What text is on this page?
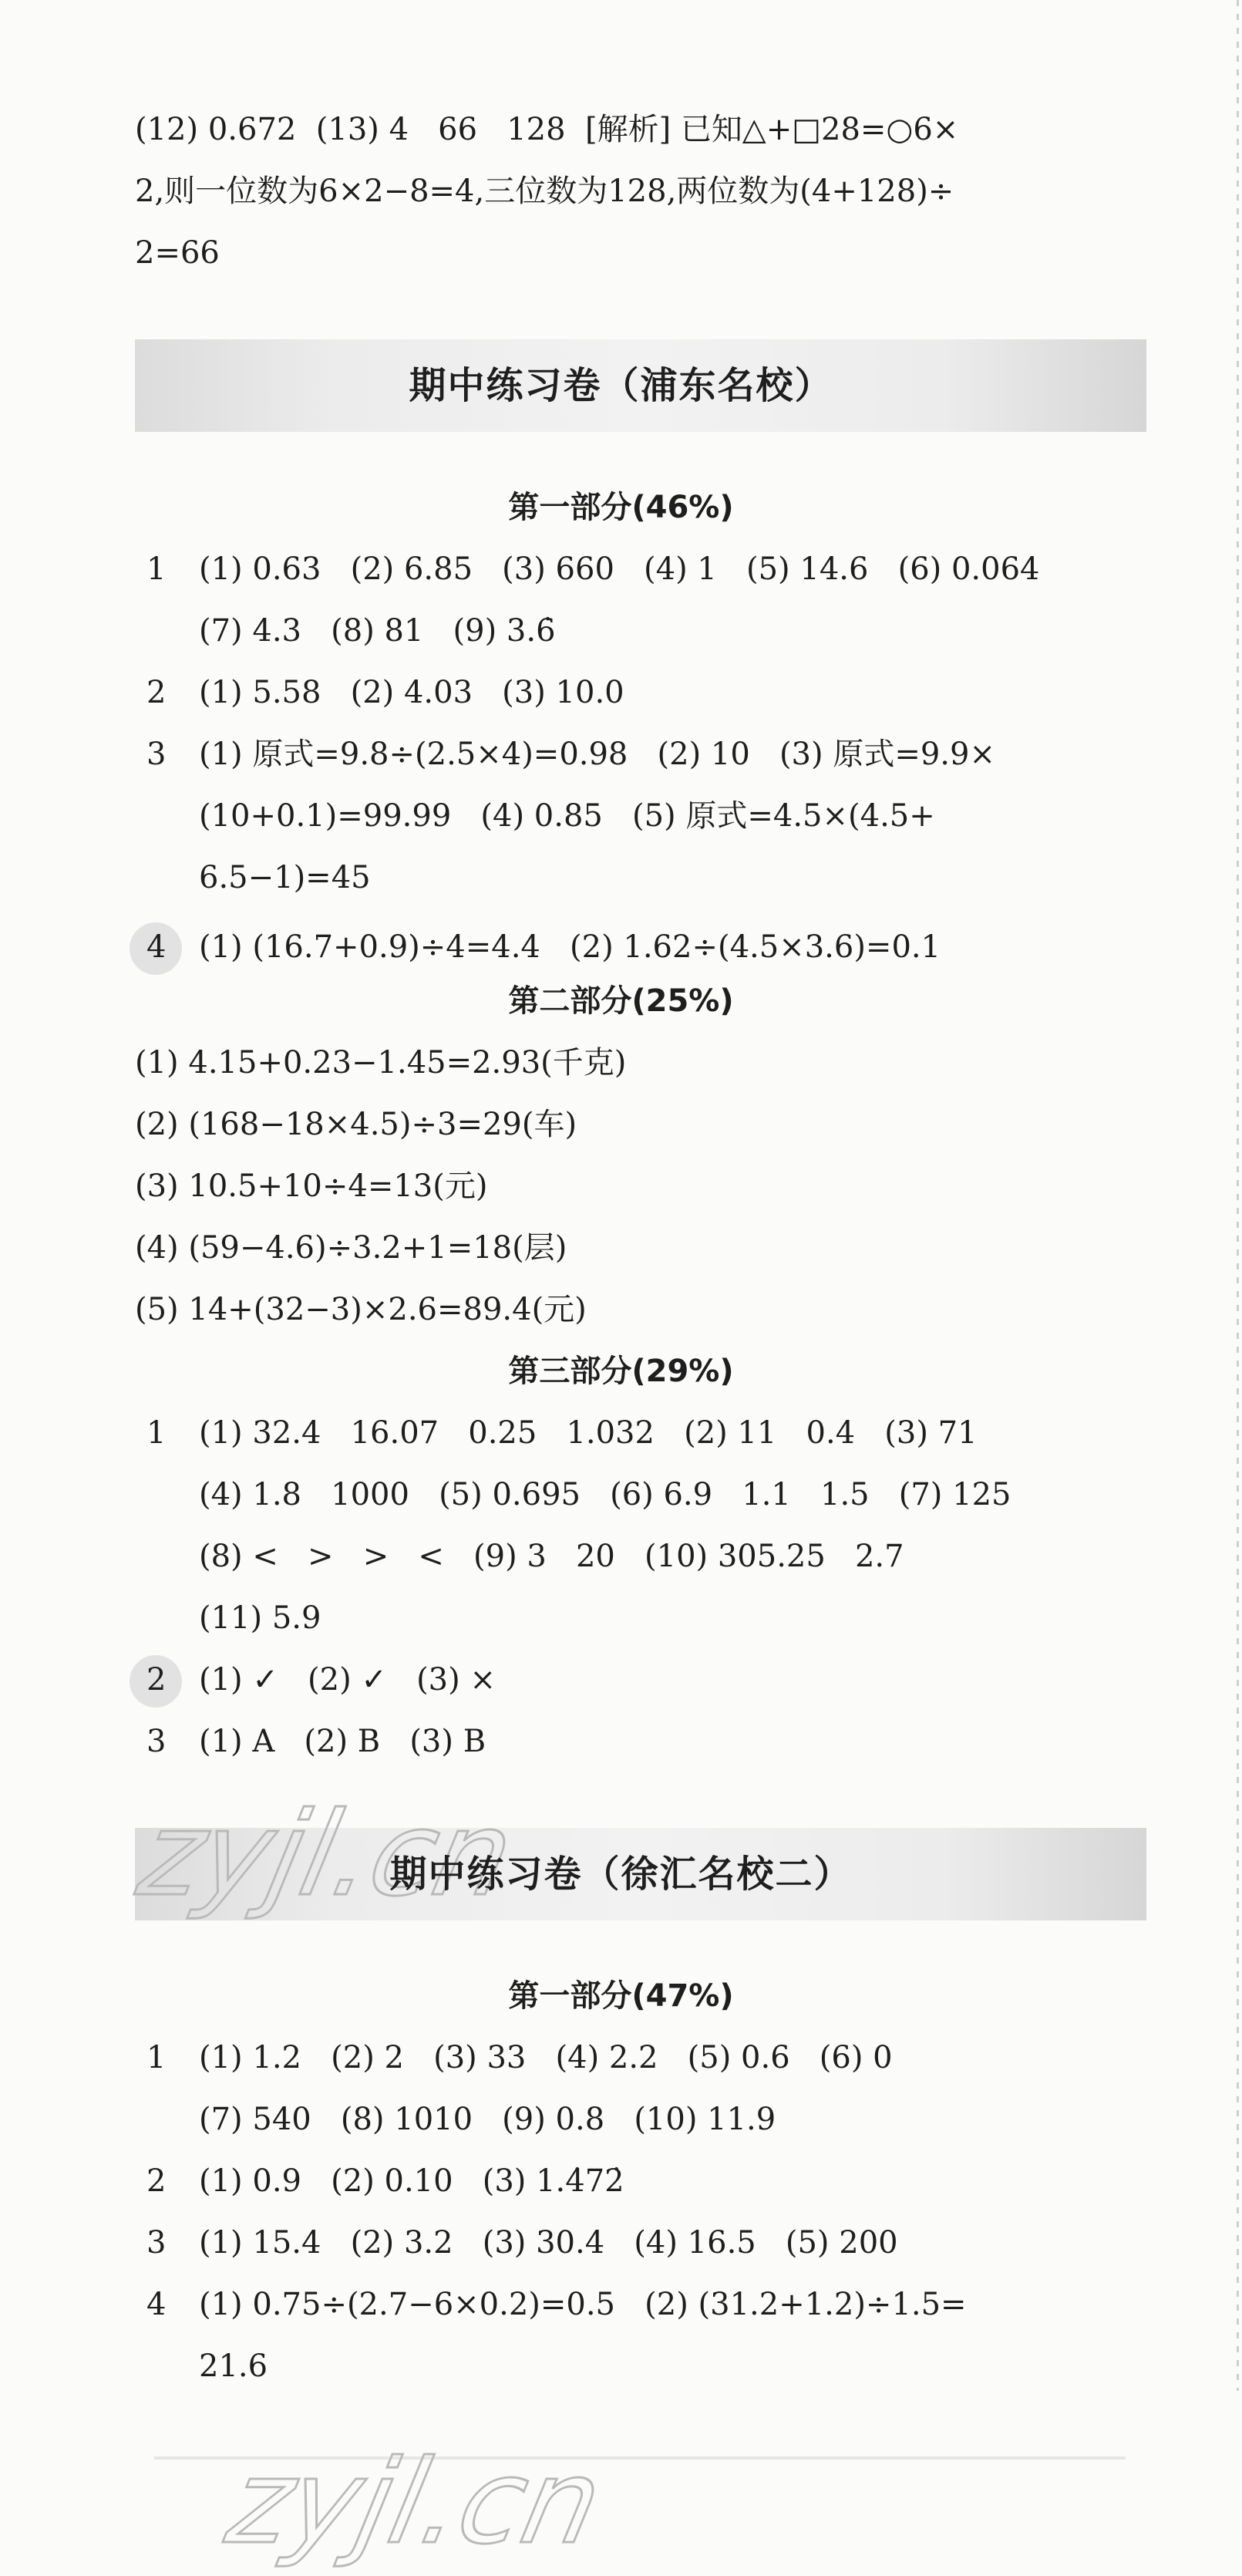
(12) 0.672  (13) 4   66   128  [解析] 已知△+□28=○6×
2,则一位数为6×2−8=4,三位数为128,两位数为(4+128)÷
2=66
期中练习卷（浦东名校）
第一部分(46%)
1 (1) 0.63   (2) 6.85   (3) 660   (4) 1   (5) 14.6   (6) 0.064
(7) 4.3   (8) 81   (9) 3.6̇
2 (1) 5.58   (2) 4.03   (3) 10.0
3 (1) 原式=9.8÷(2.5×4)=0.98   (2) 10   (3) 原式=9.9×
(10+0.1)=99.99   (4) 0.85   (5) 原式=4.5×(4.5+
6.5−1)=45
4 (1) (16.7+0.9)÷4=4.4   (2) 1.62÷(4.5×3.6)=0.1
第二部分(25%)
(1) 4.15+0.23−1.45=2.93(千克)
(2) (168−18×4.5)÷3=29(车)
(3) 10.5+10÷4=13(元)
(4) (59−4.6)÷3.2+1=18(层)
(5) 14+(32−3)×2.6=89.4(元)
第三部分(29%)
1 (1) 32.4   16.07   0.25   1.032   (2) 11   0.4   (3) 71
(4) 1.8   1000   (5) 0.695   (6) 6.9   1.1   1.5   (7) 125
(8) <   >   >   <   (9) 3   20   (10) 305.25   2.7
(11) 5.9
2 (1) ✓   (2) ✓   (3) ×
3 (1) A   (2) B   (3) B
zyjl.cn
期中练习卷（徐汇名校二）
第一部分(47%)
1 (1) 1.2   (2) 2   (3) 33   (4) 2.2   (5) 0.6   (6) 0
(7) 540   (8) 1010   (9) 0.8   (10) 11.9
2 (1) 0.9   (2) 0.10   (3) 1.4̇72̇
3 (1) 15.4   (2) 3.2   (3) 30.4   (4) 16.5   (5) 200
4 (1) 0.75÷(2.7−6×0.2)=0.5   (2) (31.2+1.2)÷1.5=
21.6
zyjl.cn
